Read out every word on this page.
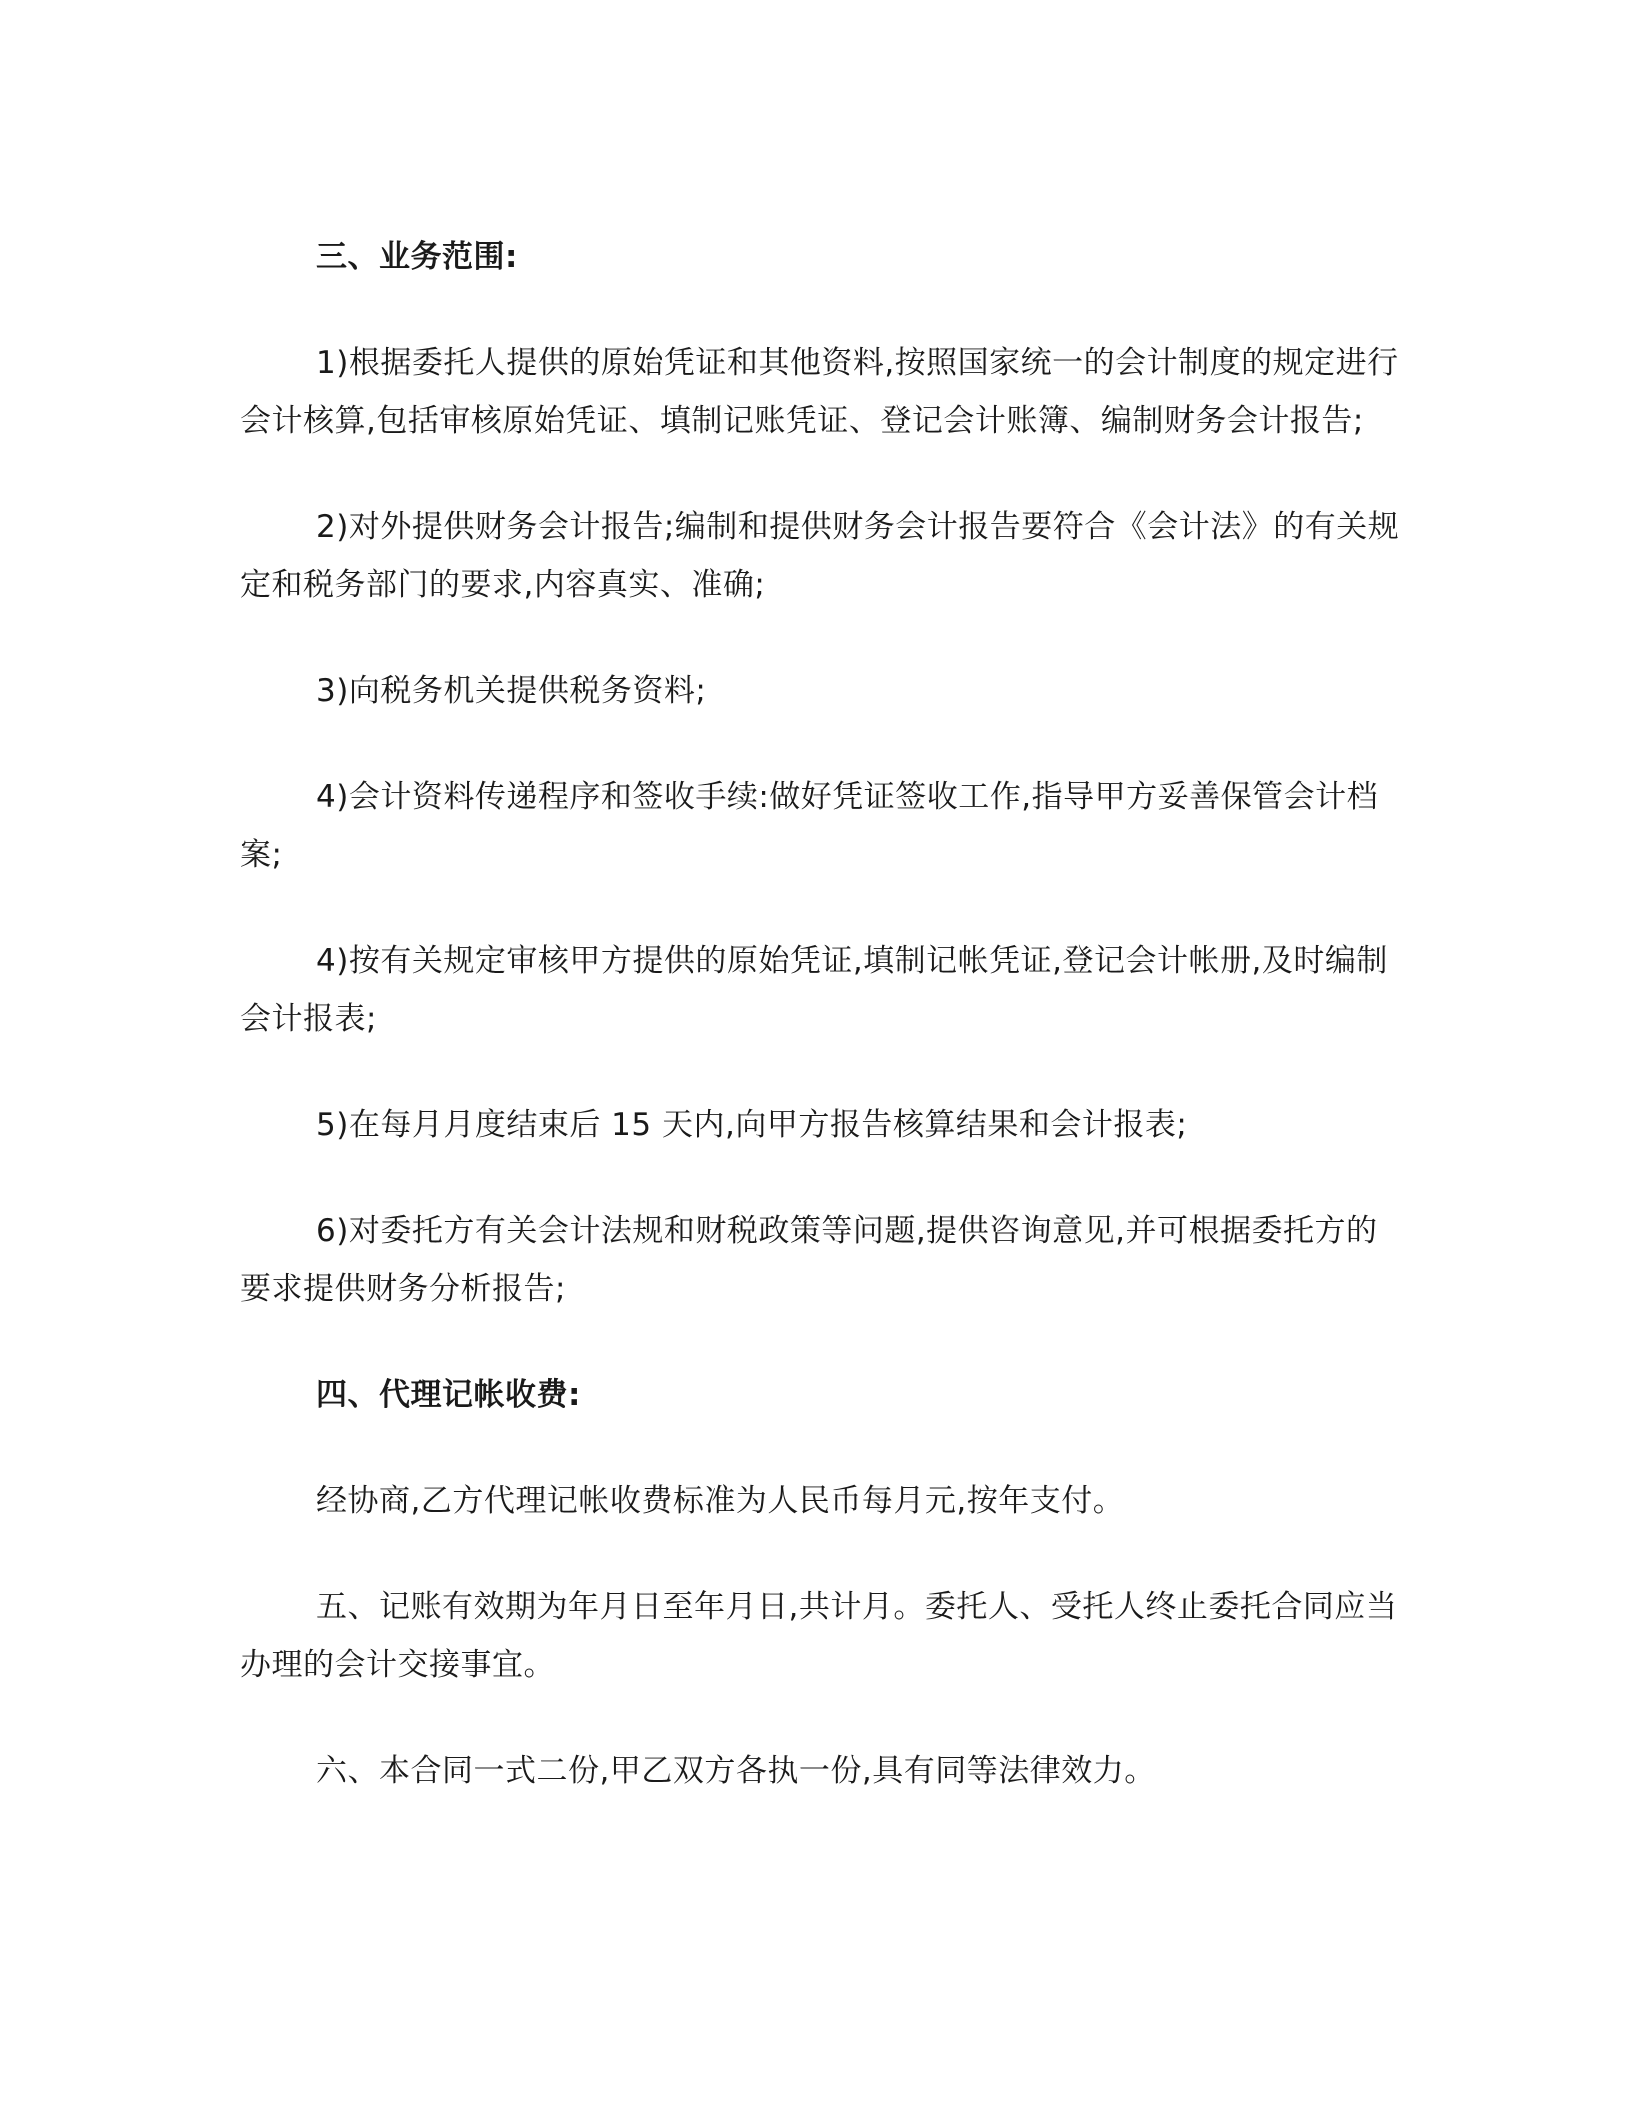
三、业务范围:

1)根据委托人提供的原始凭证和其他资料,按照国家统一的会计制度的规定进行会计核算,包括审核原始凭证、填制记账凭证、登记会计账簿、编制财务会计报告;

2)对外提供财务会计报告;编制和提供财务会计报告要符合《会计法》的有关规定和税务部门的要求,内容真实、准确;

3)向税务机关提供税务资料;

4)会计资料传递程序和签收手续:做好凭证签收工作,指导甲方妥善保管会计档案;

4)按有关规定审核甲方提供的原始凭证,填制记帐凭证,登记会计帐册,及时编制会计报表;

5)在每月月度结束后 15 天内,向甲方报告核算结果和会计报表;

6)对委托方有关会计法规和财税政策等问题,提供咨询意见,并可根据委托方的要求提供财务分析报告;

四、代理记帐收费:

经协商,乙方代理记帐收费标准为人民币每月元,按年支付。

五、记账有效期为年月日至年月日,共计月。委托人、受托人终止委托合同应当办理的会计交接事宜。

六、本合同一式二份,甲乙双方各执一份,具有同等法律效力。
